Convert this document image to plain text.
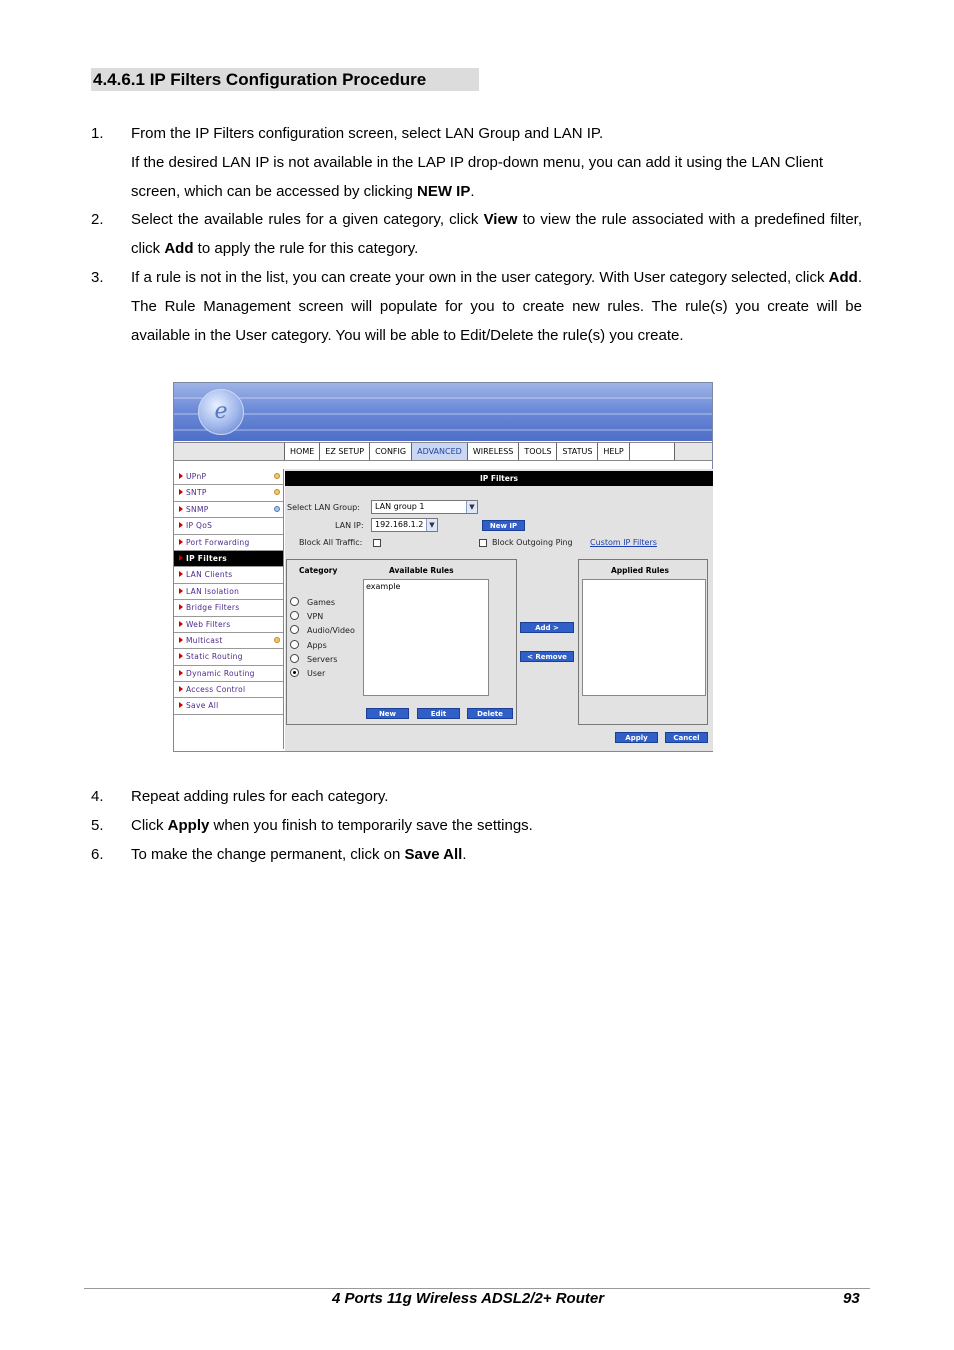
4.4.6.1 IP Filters Configuration Procedure
1.	From the IP Filters configuration screen, select LAN Group and LAN IP.

If the desired LAN IP is not available in the LAP IP drop-down menu, you can add it using the LAN Client

screen, which can be accessed by clicking NEW IP.

2.	Select the available rules for a given category, click View to view the rule associated with a predefined filter, click Add to apply the rule for this category.

3.	If a rule is not in the list, you can create your own in the user category. With User category selected, click Add. The Rule Management screen will populate for you to create new rules. The rule(s) you create will be available in the User category. You will be able to Edit/Delete the rule(s) you create.

e
HOME	EZ SETUP	CONFIG	ADVANCED	WIRELESS	TOOLS	STATUS	HELP
UPnP
SNTP
SNMP
IP QoS
Port Forwarding
IP Filters
LAN Clients
LAN Isolation
Bridge Filters
Web Filters
Multicast
Static Routing
Dynamic Routing
Access Control
Save All
IP Filters
Select LAN Group:	LAN group 1	▼
LAN IP:	192.168.1.2 ▼	New IP
Block All Traffic:	Block Outgoing Ping Custom IP Filters
Category	Available Rules
Games
VPN
Audio/Video
Apps
Servers
User
example
New	Edit	Delete
Add >
< Remove
Applied Rules
Apply	Cancel
4.	Repeat adding rules for each category.

5.	Click Apply when you finish to temporarily save the settings.

6.	To make the change permanent, click on Save All.

4 Ports 11g Wireless ADSL2/2+ Router	93
